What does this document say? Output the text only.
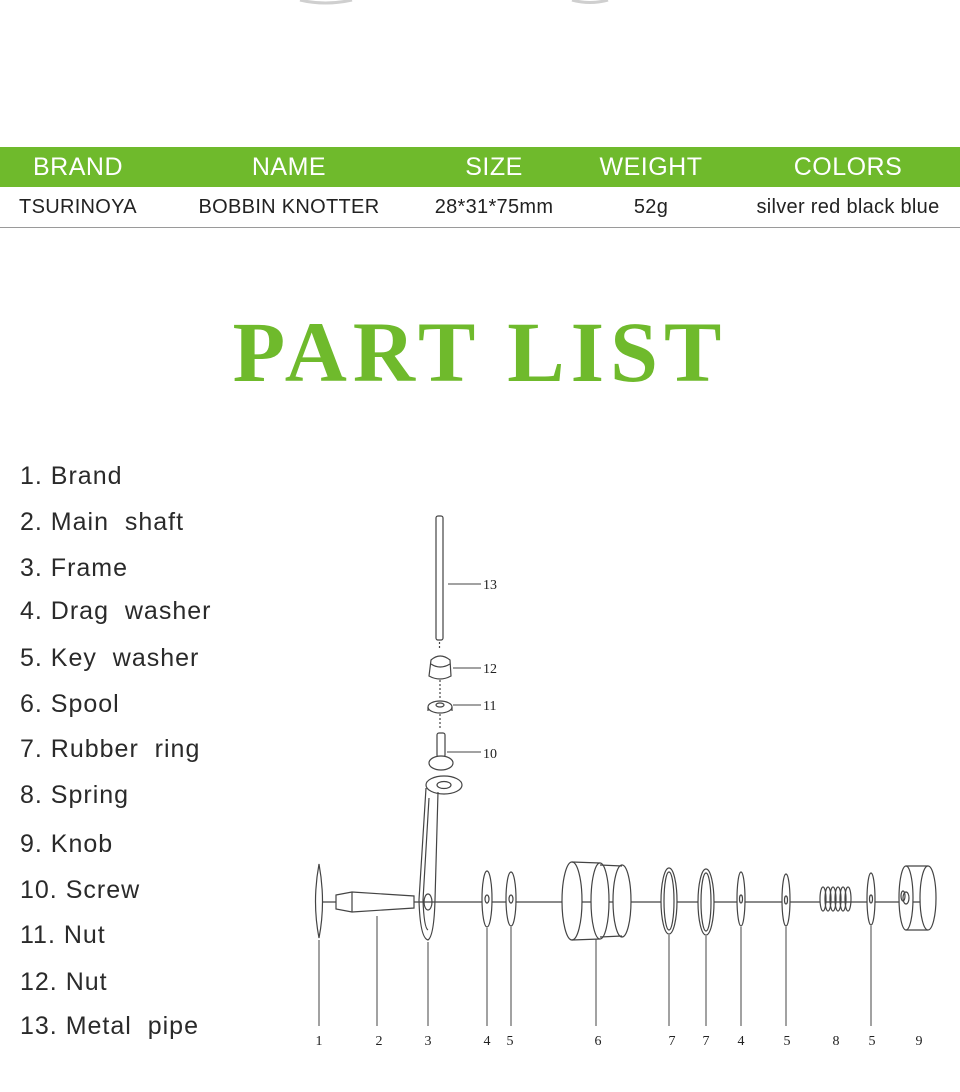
BRAND	NAME	SIZE	WEIGHT	COLORS
TSURINOYA	BOBBIN KNOTTER	28*31*75mm	52g	silver red black blue
PART LIST
1. Brand
2. Main  shaft
3. Frame
4. Drag  washer
5. Key  washer
6. Spool
7. Rubber  ring
8. Spring
9. Knob
10. Screw
11. Nut
12. Nut
13. Metal  pipe
1	2	3	4 5	6	7 7 4	5	8 5	9
13
12
11
10
